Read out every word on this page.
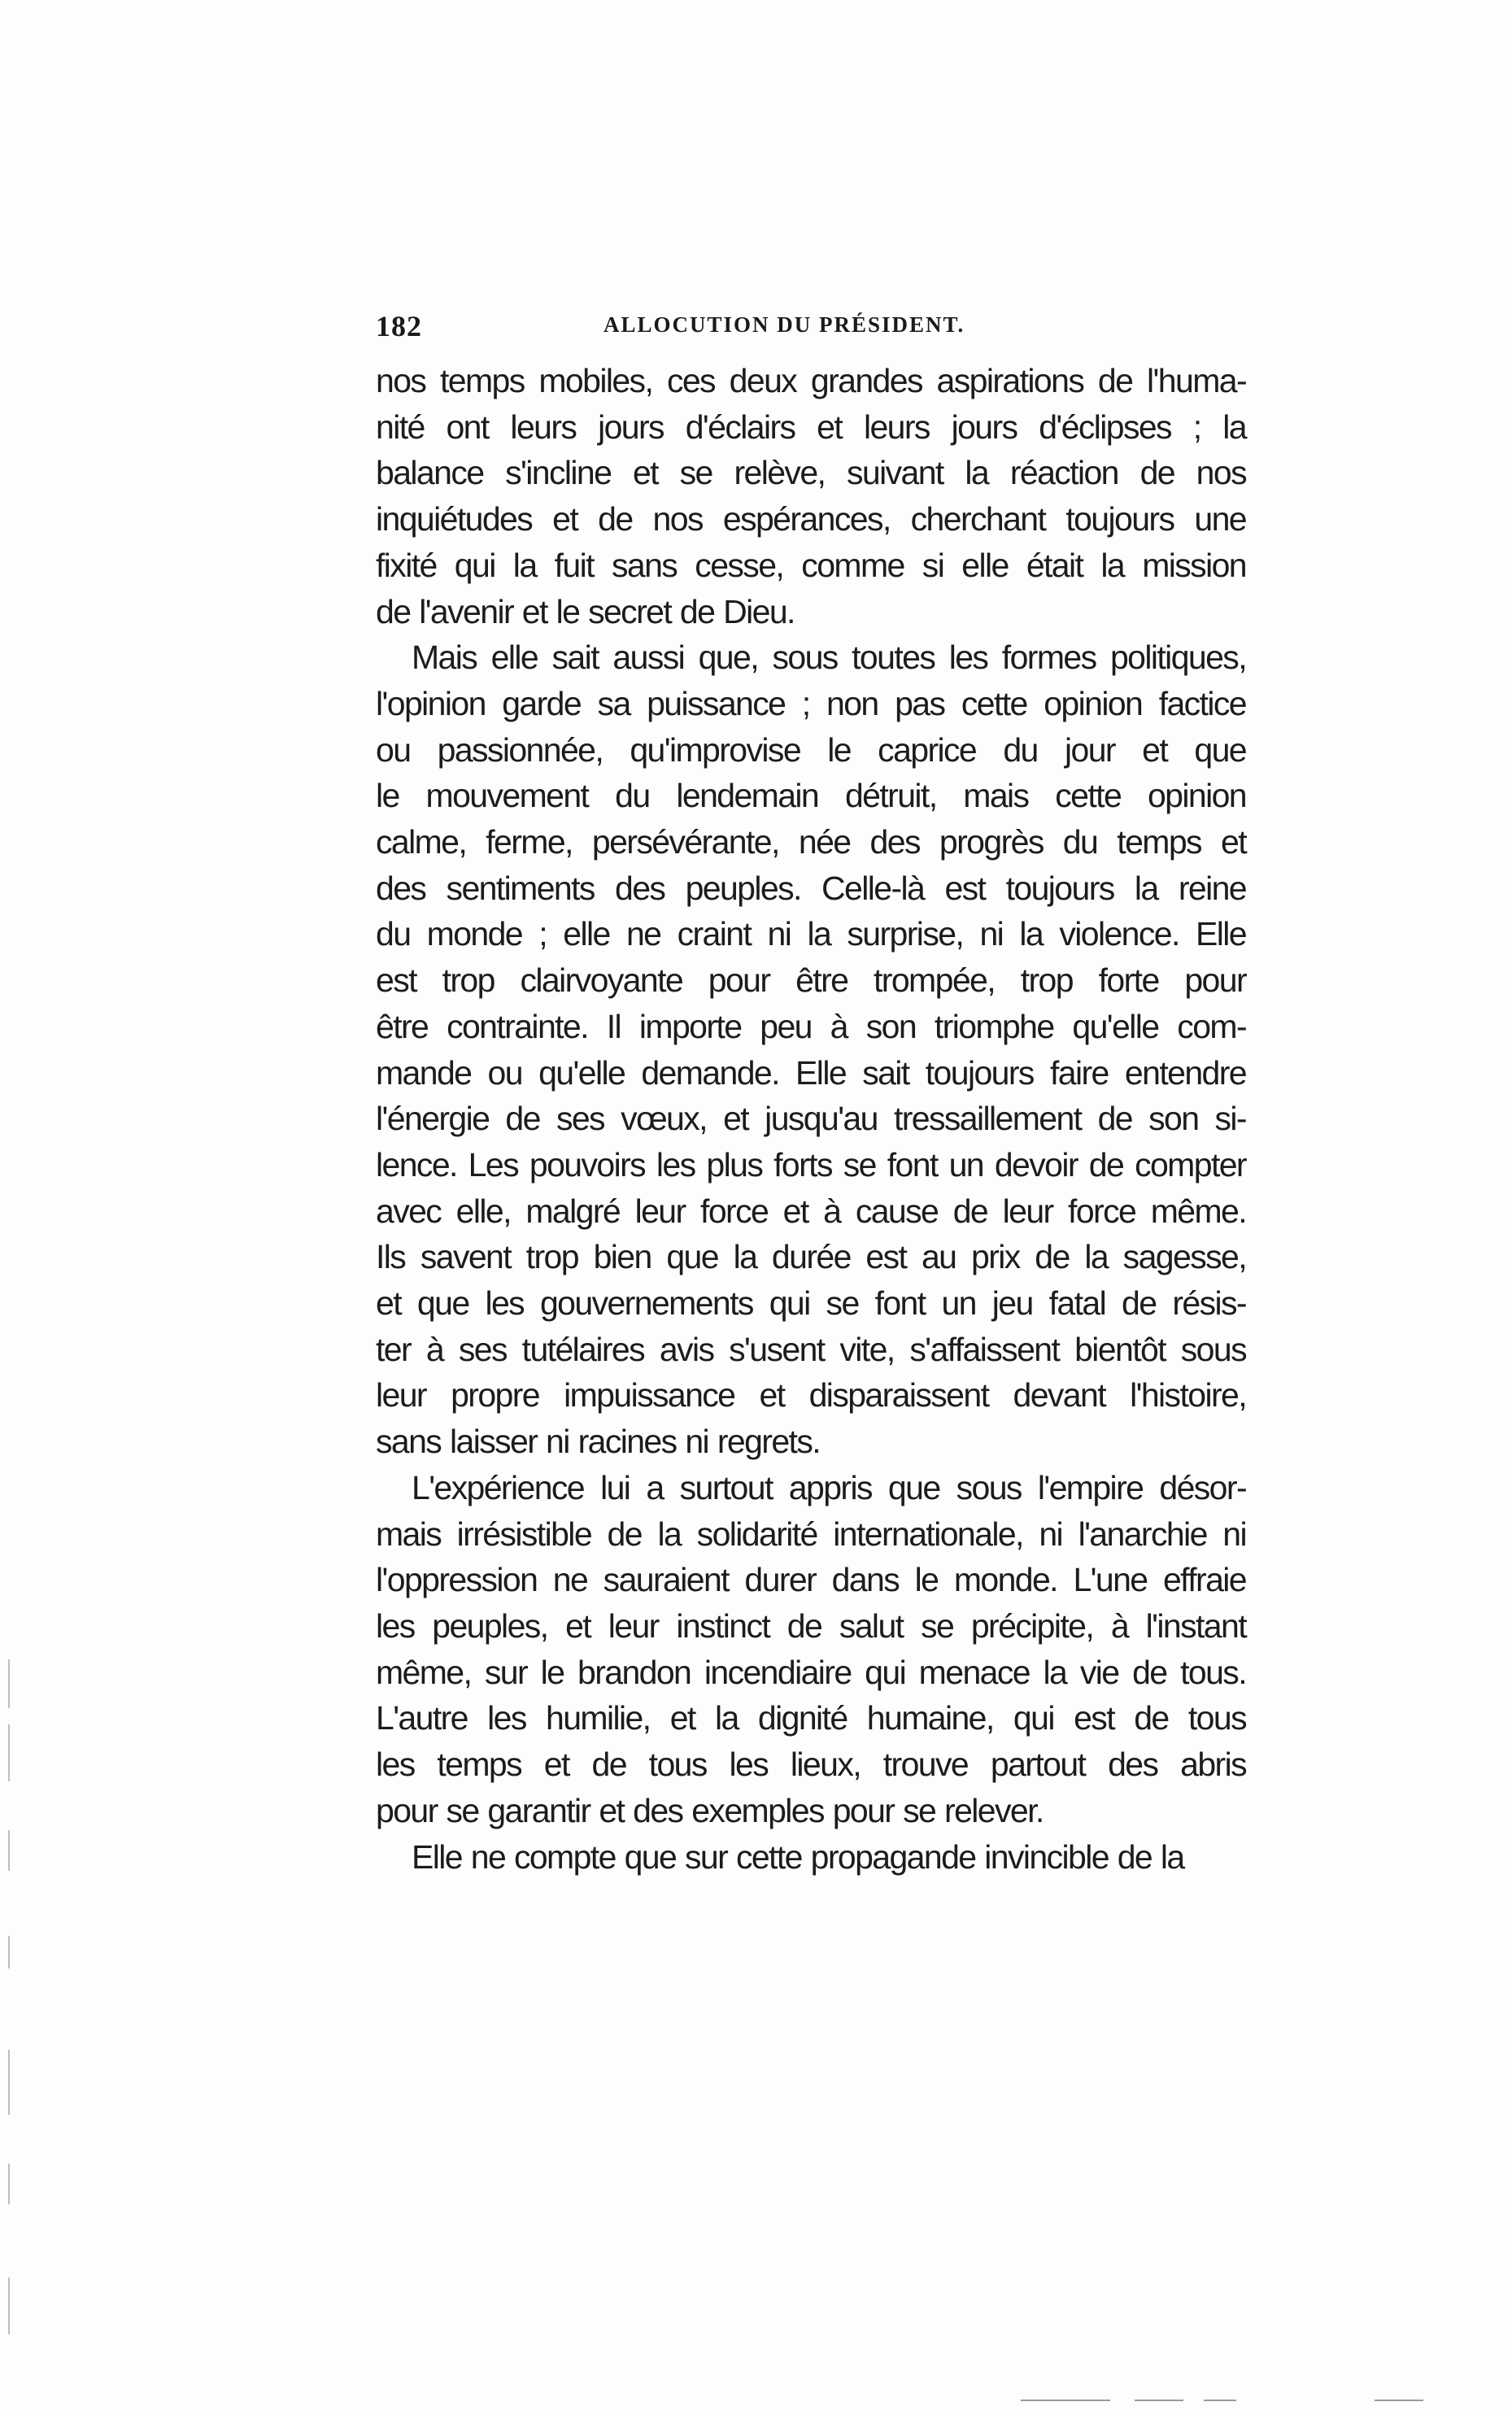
182	ALLOCUTION DU PRÉSIDENT.
nos temps mobiles, ces deux grandes aspirations de l'huma-
nité ont leurs jours d'éclairs et leurs jours d'éclipses ; la
balance s'incline et se relève, suivant la réaction de nos
inquiétudes et de nos espérances, cherchant toujours une
fixité qui la fuit sans cesse, comme si elle était la mission
de l'avenir et le secret de Dieu.
Mais elle sait aussi que, sous toutes les formes politiques,
l'opinion garde sa puissance ; non pas cette opinion factice
ou passionnée, qu'improvise le caprice du jour et que
le mouvement du lendemain détruit, mais cette opinion
calme, ferme, persévérante, née des progrès du temps et
des sentiments des peuples. Celle-là est toujours la reine
du monde ; elle ne craint ni la surprise, ni la violence. Elle
est trop clairvoyante pour être trompée, trop forte pour
être contrainte. Il importe peu à son triomphe qu'elle com-
mande ou qu'elle demande. Elle sait toujours faire entendre
l'énergie de ses vœux, et jusqu'au tressaillement de son si-
lence. Les pouvoirs les plus forts se font un devoir de compter
avec elle, malgré leur force et à cause de leur force même.
Ils savent trop bien que la durée est au prix de la sagesse,
et que les gouvernements qui se font un jeu fatal de résis-
ter à ses tutélaires avis s'usent vite, s'affaissent bientôt sous
leur propre impuissance et disparaissent devant l'histoire,
sans laisser ni racines ni regrets.
L'expérience lui a surtout appris que sous l'empire désor-
mais irrésistible de la solidarité internationale, ni l'anarchie ni
l'oppression ne sauraient durer dans le monde. L'une effraie
les peuples, et leur instinct de salut se précipite, à l'instant
même, sur le brandon incendiaire qui menace la vie de tous.
L'autre les humilie, et la dignité humaine, qui est de tous
les temps et de tous les lieux, trouve partout des abris
pour se garantir et des exemples pour se relever.
Elle ne compte que sur cette propagande invincible de la
